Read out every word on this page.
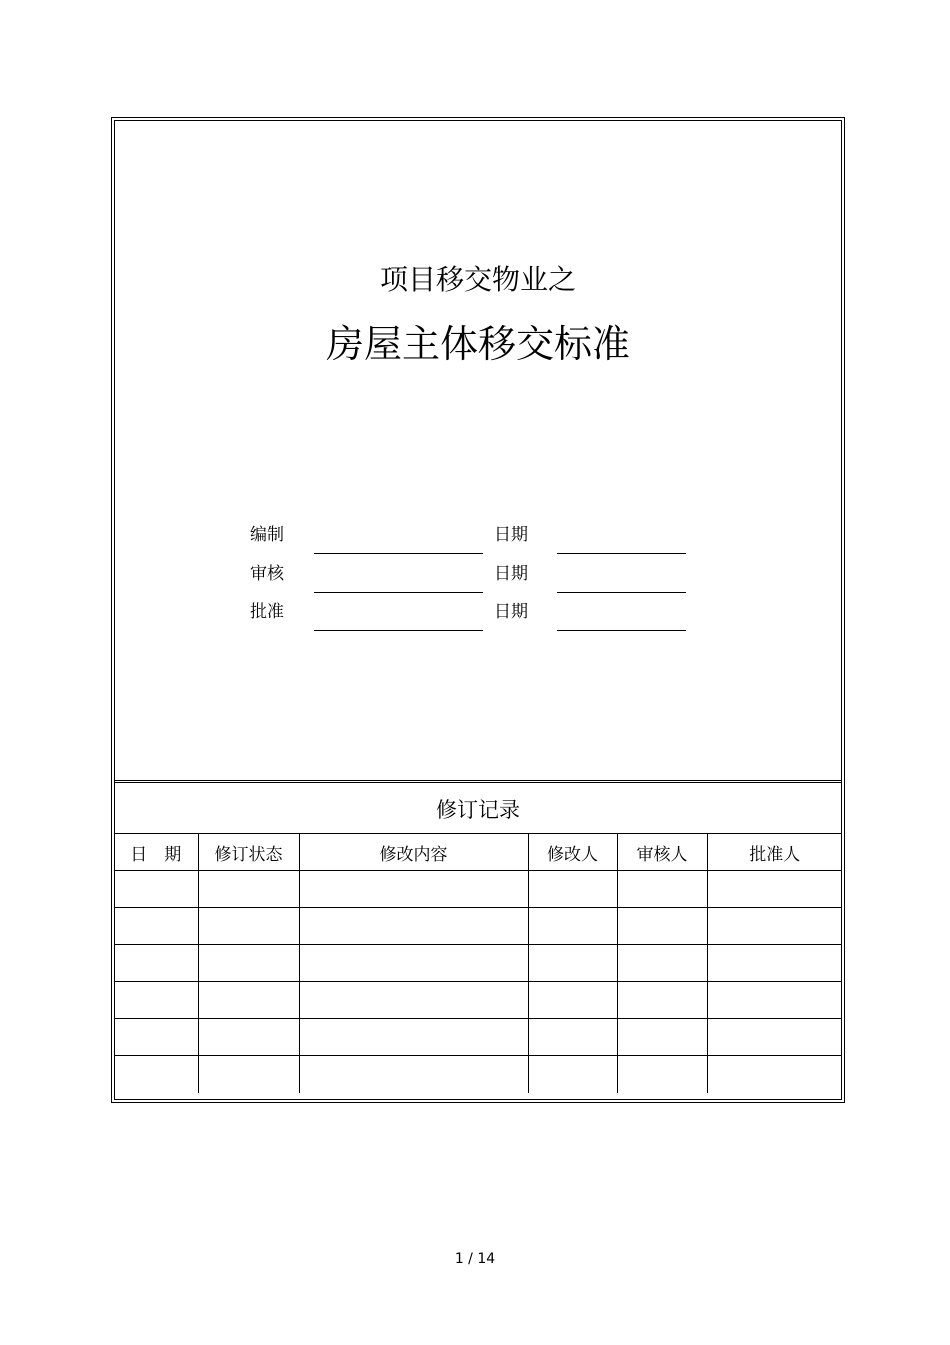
项目移交物业之
房屋主体移交标准
编制	日期
审核	日期
批准	日期
修订记录
日　期	修订状态	修改内容	修改人	审核人	批准人

1 / 14
